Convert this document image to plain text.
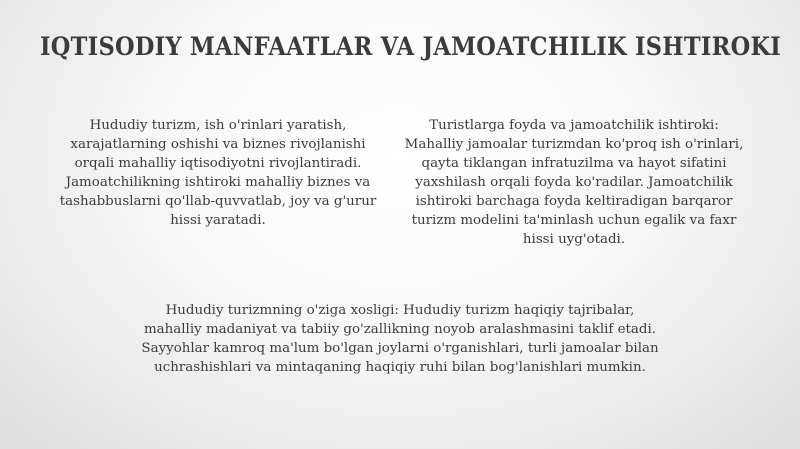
IQTISODIY MANFAATLAR VA JAMOATCHILIK ISHTIROKI

Hududiy turizm, ish o'rinlari yaratish, xarajatlarning oshishi va biznes rivojlanishi orqali mahalliy iqtisodiyotni rivojlantiradi. Jamoatchilikning ishtiroki mahalliy biznes va tashabbuslarni qo'llab-quvvatlab, joy va g'urur hissi yaratadi.

Turistlarga foyda va jamoatchilik ishtiroki: Mahalliy jamoalar turizmdan ko'proq ish o'rinlari, qayta tiklangan infratuzilma va hayot sifatini yaxshilash orqali foyda ko'radilar. Jamoatchilik ishtiroki barchaga foyda keltiradigan barqaror turizm modelini ta'minlash uchun egalik va faxr hissi uyg'otadi.

Hududiy turizmning o'ziga xosligi: Hududiy turizm haqiqiy tajribalar, mahalliy madaniyat va tabiiy go'zallikning noyob aralashmasini taklif etadi. Sayyohlar kamroq ma'lum bo'lgan joylarni o'rganishlari, turli jamoalar bilan uchrashishlari va mintaqaning haqiqiy ruhi bilan bog'lanishlari mumkin.
